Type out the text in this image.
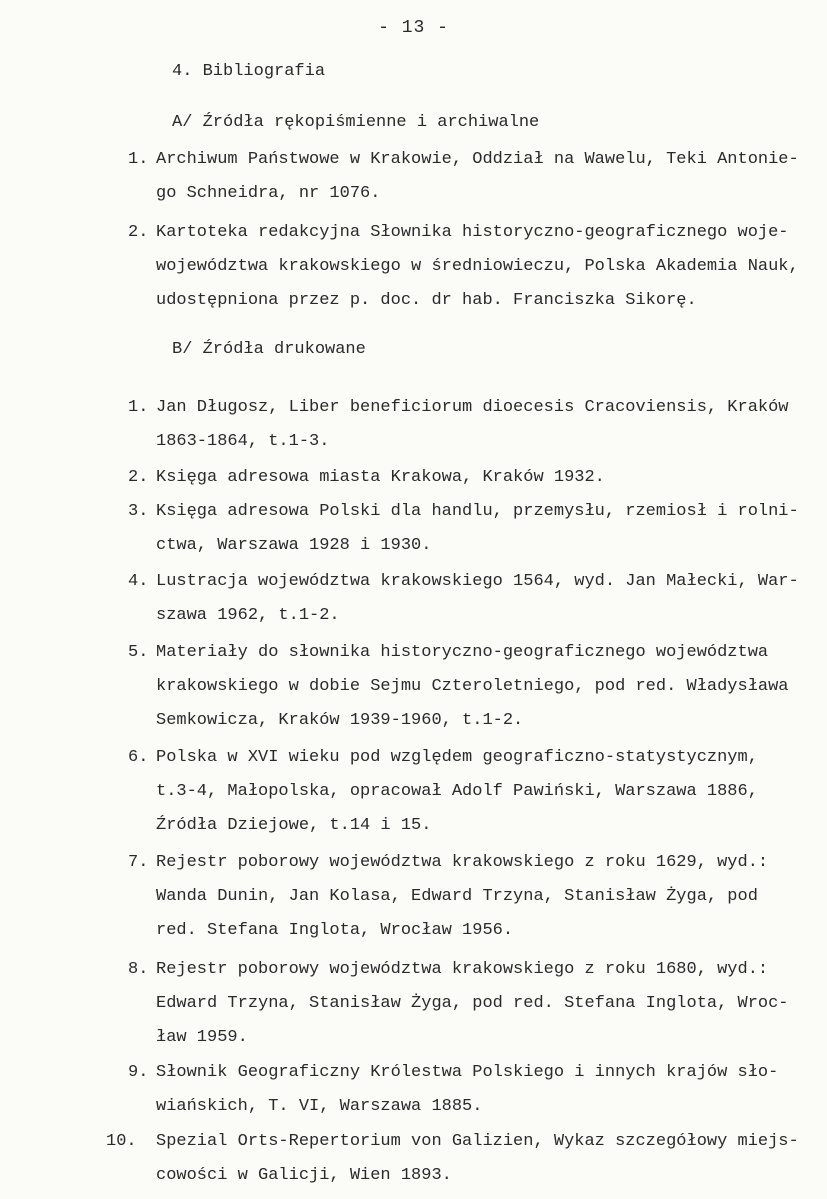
- 13 -
4. Bibliografia
A/ Źródła rękopiśmienne i archiwalne
1. Archiwum Państwowe w Krakowie, Oddział na Wawelu, Teki Antonie-
go Schneidra, nr 1076.
2. Kartoteka redakcyjna Słownika historyczno-geograficznego woje-
województwa krakowskiego w średniowieczu, Polska Akademia Nauk,
udostępniona przez p. doc. dr hab. Franciszka Sikorę.
B/ Źródła drukowane
1. Jan Długosz, Liber beneficiorum dioecesis Cracoviensis, Kraków
1863-1864, t.1-3.
2. Księga adresowa miasta Krakowa, Kraków 1932.
3. Księga adresowa Polski dla handlu, przemysłu, rzemiosł i rolni-
ctwa, Warszawa 1928 i 1930.
4. Lustracja województwa krakowskiego 1564, wyd. Jan Małecki, War-
szawa 1962, t.1-2.
5. Materiały do słownika historyczno-geograficznego województwa
krakowskiego w dobie Sejmu Czteroletniego, pod red. Władysława
Semkowicza, Kraków 1939-1960, t.1-2.
6. Polska w XVI wieku pod względem geograficzno-statystycznym,
t.3-4, Małopolska, opracował Adolf Pawiński, Warszawa 1886,
Źródła Dziejowe, t.14 i 15.
7. Rejestr poborowy województwa krakowskiego z roku 1629, wyd.:
Wanda Dunin, Jan Kolasa, Edward Trzyna, Stanisław Żyga, pod
red. Stefana Inglota, Wrocław 1956.
8. Rejestr poborowy województwa krakowskiego z roku 1680, wyd.:
Edward Trzyna, Stanisław Żyga, pod red. Stefana Inglota, Wroc-
ław 1959.
9. Słownik Geograficzny Królestwa Polskiego i innych krajów sło-
wiańskich, T. VI, Warszawa 1885.
10.	Spezial Orts-Repertorium von Galizien, Wykaz szczegółowy miejs-
cowości w Galicji, Wien 1893.
